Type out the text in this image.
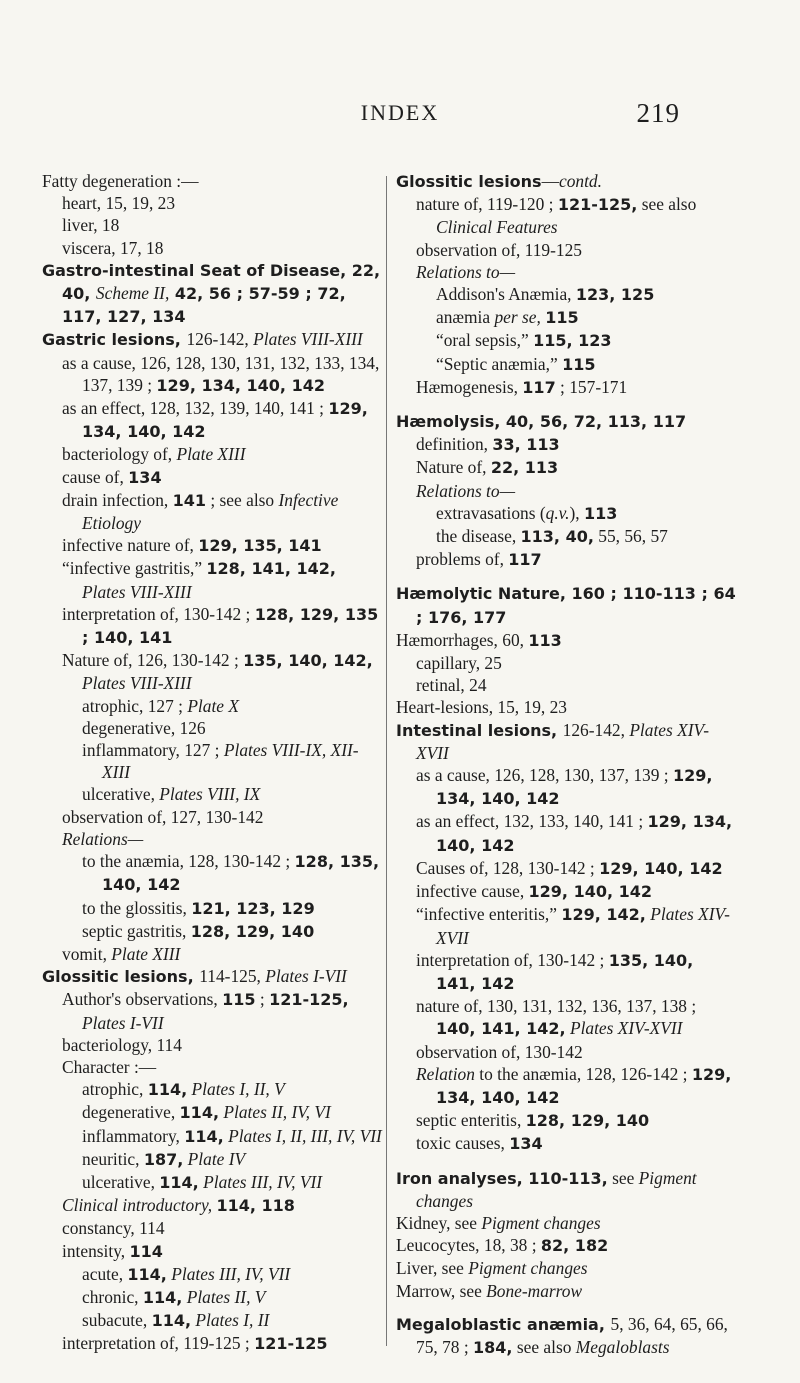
INDEX	219
Fatty degeneration :—
heart, 15, 19, 23
liver, 18
viscera, 17, 18
Gastro-intestinal Seat of Disease, 22, 40, Scheme II, 42, 56 ; 57-59 ; 72, 117, 127, 134
Gastric lesions, 126-142, Plates VIII-XIII
as a cause, 126, 128, 130, 131, 132, 133, 134, 137, 139 ; 129, 134, 140, 142
as an effect, 128, 132, 139, 140, 141 ; 129, 134, 140, 142
bacteriology of, Plate XIII
cause of, 134
drain infection, 141 ; see also Infective Etiology
infective nature of, 129, 135, 141
“infective gastritis,” 128, 141, 142, Plates VIII-XIII
interpretation of, 130-142 ; 128, 129, 135 ; 140, 141
Nature of, 126, 130-142 ; 135, 140, 142, Plates VIII-XIII
atrophic, 127 ; Plate X
degenerative, 126
inflammatory, 127 ; Plates VIII-IX, XII-XIII
ulcerative, Plates VIII, IX
observation of, 127, 130-142
Relations—
to the anæmia, 128, 130-142 ; 128, 135, 140, 142
to the glossitis, 121, 123, 129
septic gastritis, 128, 129, 140
vomit, Plate XIII
Glossitic lesions, 114-125, Plates I-VII
Author's observations, 115 ; 121-125, Plates I-VII
bacteriology, 114
Character :—
atrophic, 114, Plates I, II, V
degenerative, 114, Plates II, IV, VI
inflammatory, 114, Plates I, II, III, IV, VII
neuritic, 187, Plate IV
ulcerative, 114, Plates III, IV, VII
Clinical introductory, 114, 118
constancy, 114
intensity, 114
acute, 114, Plates III, IV, VII
chronic, 114, Plates II, V
subacute, 114, Plates I, II
interpretation of, 119-125 ; 121-125
Glossitic lesions—contd.
nature of, 119-120 ; 121-125, see also Clinical Features
observation of, 119-125
Relations to—
Addison's Anæmia, 123, 125
anæmia per se, 115
“oral sepsis,” 115, 123
“Septic anæmia,” 115
Hæmogenesis, 117 ; 157-171
Hæmolysis, 40, 56, 72, 113, 117
definition, 33, 113
Nature of, 22, 113
Relations to—
extravasations (q.v.), 113
the disease, 113, 40, 55, 56, 57
problems of, 117
Hæmolytic Nature, 160 ; 110-113 ; 64 ; 176, 177
Hæmorrhages, 60, 113
capillary, 25
retinal, 24
Heart-lesions, 15, 19, 23
Intestinal lesions, 126-142, Plates XIV-XVII
as a cause, 126, 128, 130, 137, 139 ; 129, 134, 140, 142
as an effect, 132, 133, 140, 141 ; 129, 134, 140, 142
Causes of, 128, 130-142 ; 129, 140, 142
infective cause, 129, 140, 142
“infective enteritis,” 129, 142, Plates XIV-XVII
interpretation of, 130-142 ; 135, 140, 141, 142
nature of, 130, 131, 132, 136, 137, 138 ; 140, 141, 142, Plates XIV-XVII
observation of, 130-142
Relation to the anæmia, 128, 126-142 ; 129, 134, 140, 142
septic enteritis, 128, 129, 140
toxic causes, 134
Iron analyses, 110-113, see Pigment changes
Kidney, see Pigment changes
Leucocytes, 18, 38 ; 82, 182
Liver, see Pigment changes
Marrow, see Bone-marrow
Megaloblastic anæmia, 5, 36, 64, 65, 66, 75, 78 ; 184, see also Megaloblasts
